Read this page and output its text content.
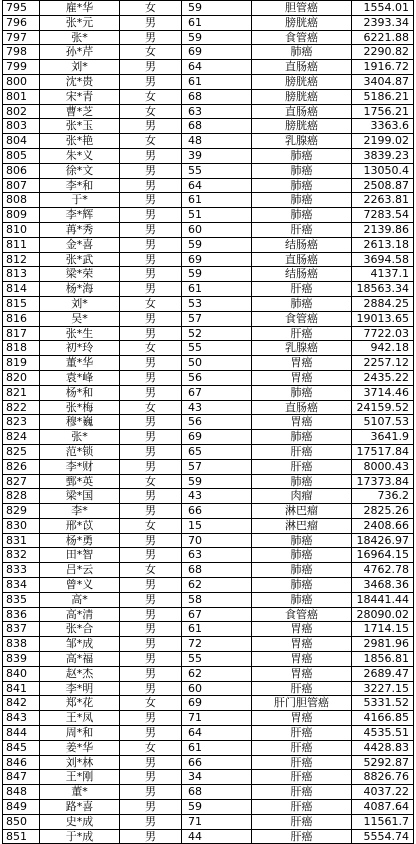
795	雇*华	女	59	胆管癌	1554.01
796	张*元	男	61	膀胱癌	2393.34
797	张*	男	59	食管癌	6221.88
798	孙*芹	女	69	肺癌	2290.82
799	刘*	男	64	直肠癌	1916.72
800	沈*贵	男	61	膀胱癌	3404.87
801	宋*青	女	68	膀胱癌	5186.21
802	曹*芝	女	63	直肠癌	1756.21
803	张*玉	男	68	膀胱癌	3363.6
804	张*艳	女	48	乳腺癌	2199.02
805	朱*义	男	39	肺癌	3839.23
806	徐*文	男	55	肺癌	13050.4
807	李*和	男	64	肺癌	2508.87
808	于*	男	61	肺癌	2263.81
809	李*辉	男	51	肺癌	7283.54
810	苒*秀	男	60	肝癌	2139.86
811	金*喜	男	59	结肠癌	2613.18
812	张*武	男	69	直肠癌	3694.58
813	梁*荣	男	59	结肠癌	4137.1
814	杨*海	男	61	肝癌	18563.34
815	刘*	女	53	肺癌	2884.25
816	吴*	男	57	食管癌	19013.65
817	张*生	男	52	肝癌	7722.03
818	初*玲	女	55	乳腺癌	942.18
819	董*华	男	50	胃癌	2257.12
820	袁*峰	男	56	胃癌	2435.22
821	杨*和	男	67	肺癌	3714.46
822	张*梅	女	43	直肠癌	24159.52
823	穆*巍	男	56	胃癌	5107.53
824	张*	男	69	肺癌	3641.9
825	范*锁	男	65	肝癌	17517.84
826	李*财	男	57	肝癌	8000.43
827	鄄*英	女	59	肺癌	17373.84
828	梁*国	男	43	肉瘤	736.2
829	李*	男	66	淋巴瘤	2825.26
830	邢*苡	女	15	淋巴瘤	2408.66
831	杨*勇	男	70	肺癌	18426.97
832	田*智	男	63	肺癌	16964.15
833	吕*云	女	68	肺癌	4762.78
834	曾*义	男	62	肺癌	3468.36
835	高*	男	58	肺癌	18441.44
836	高*清	男	67	食管癌	28090.02
837	张*合	男	61	胃癌	1714.15
838	邹*成	男	72	胃癌	2981.96
839	高*福	男	55	胃癌	1856.81
840	赵*杰	男	62	胃癌	2689.47
841	李*明	男	60	肝癌	3227.15
842	郑*花	女	69	肝门胆管癌	5331.52
843	王*凤	男	71	胃癌	4166.85
844	周*和	男	64	肝癌	4535.51
845	姜*华	女	61	肝癌	4428.83
846	刘*林	男	66	肝癌	5292.87
847	王*刚	男	34	肝癌	8826.76
848	董*	男	68	肝癌	4037.22
849	路*喜	男	59	肝癌	4087.64
850	史*成	男	71	肝癌	11561.7
851	于*成	男	44	肝癌	5554.74
